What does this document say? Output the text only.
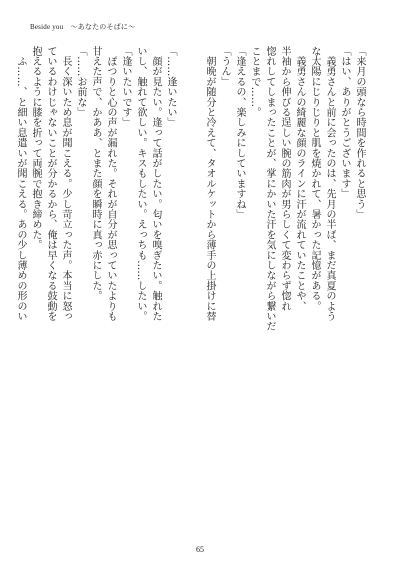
Beside you　～あなたのそばに～

「来月の頭なら時間を作れると思う」

「はい、ありがとうございます」

　義勇さんと前に会ったのは、先月の半ば、まだ真夏のよう

な太陽にじりじりと肌を焼かれて、暑かった記憶がある。

　義勇さんの綺麗な顔のラインに汗が流れていたことや、

半袖から伸びる逞しい腕の筋肉が男らしくて変わらず惚れ

惚れしてしまったことが、掌にかいた汗を気にしながら繋いだ

ことまで……。

「逢えるの、楽しみにしていますね」

「うん」

　朝晩が随分と冷えて、タオルケットから薄手の上掛けに替

「……逢いたい」

　顔が見たい。逢って話がしたい。匂いを嗅ぎたい。触れた

いし、触れて欲しい。キスもしたい。えっちも……したい。

「逢いたいです」

　ぽつりと心の声が漏れた。それが自分が思っていたよりも

甘えた声で、かああ、とまた顔を瞬時に真っ赤にした。

「……お前な」

　長く深いため息が聞こえる。少し苛立った声。本当に怒っ

ているわけじゃないことが分かるから、俺は早くなる鼓動を

抱えるように膝を折って両腕で抱き締めた。

　ふ……、と細い息遣いが聞こえる。あの少し薄めの形のい

65
